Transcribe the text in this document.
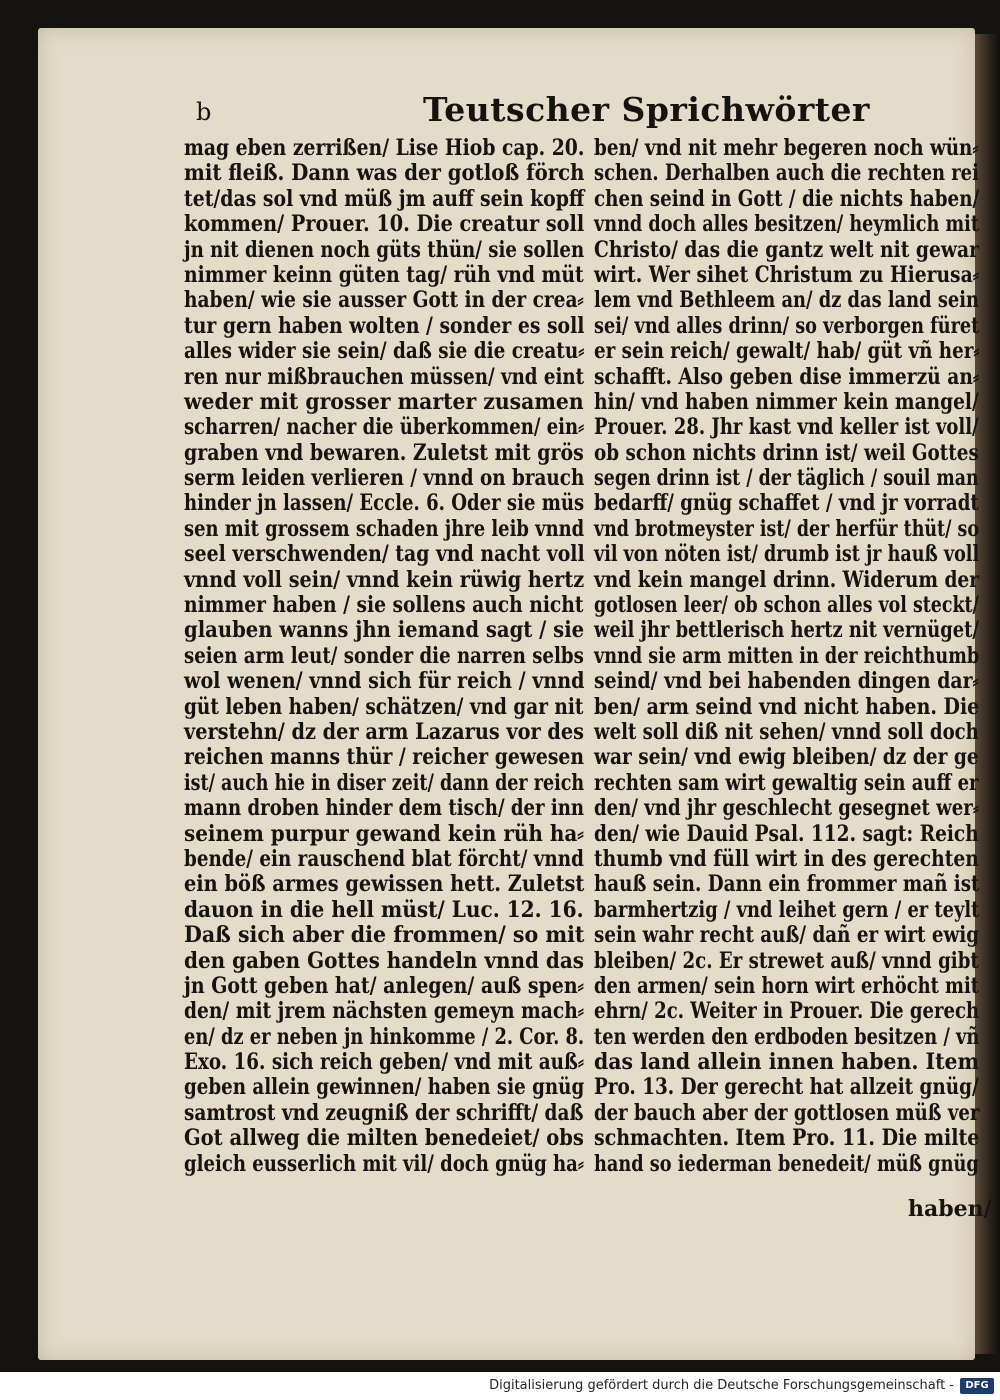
b	Teutscher Sprichwörter
mag eben zerrißen/ Lise Hiob cap. 20.
mit fleiß. Dann was der gotloß förch
tet/das sol vnd müß jm auff sein kopff
kommen/ Prouer. 10. Die creatur soll
jn nit dienen noch güts thün/ sie sollen
nimmer keinn güten tag/ rüh vnd müt
haben/ wie sie ausser Gott in der crea⸗
tur gern haben wolten / sonder es soll
alles wider sie sein/ daß sie die creatu⸗
ren nur mißbrauchen müssen/ vnd eint
weder mit grosser marter zusamen
scharren/ nacher die überkommen/ ein⸗
graben vnd bewaren. Zuletst mit grös
serm leiden verlieren / vnnd on brauch
hinder jn lassen/ Eccle. 6. Oder sie müs
sen mit grossem schaden jhre leib vnnd
seel verschwenden/ tag vnd nacht voll
vnnd voll sein/ vnnd kein rüwig hertz
nimmer haben / sie sollens auch nicht
glauben wanns jhn iemand sagt / sie
seien arm leut/ sonder die narren selbs
wol wenen/ vnnd sich für reich / vnnd
güt leben haben/ schätzen/ vnd gar nit
verstehn/ dz der arm Lazarus vor des
reichen manns thür / reicher gewesen
ist/ auch hie in diser zeit/ dann der reich
mann droben hinder dem tisch/ der inn
seinem purpur gewand kein rüh ha⸗
bende/ ein rauschend blat förcht/ vnnd
ein böß armes gewissen hett. Zuletst
dauon in die hell müst/ Luc. 12. 16.
Daß sich aber die frommen/ so mit
den gaben Gottes handeln vnnd das
jn Gott geben hat/ anlegen/ auß spen⸗
den/ mit jrem nächsten gemeyn mach⸗
en/ dz er neben jn hinkomme / 2. Cor. 8.
Exo. 16. sich reich geben/ vnd mit auß⸗
geben allein gewinnen/ haben sie gnüg
samtrost vnd zeugniß der schrifft/ daß
Got allweg die milten benedeiet/ obs
gleich eusserlich mit vil/ doch gnüg ha⸗
ben/ vnd nit mehr begeren noch wün⸗
schen. Derhalben auch die rechten rei
chen seind in Gott / die nichts haben/
vnnd doch alles besitzen/ heymlich mit
Christo/ das die gantz welt nit gewar
wirt. Wer sihet Christum zu Hierusa⸗
lem vnd Bethleem an/ dz das land sein
sei/ vnd alles drinn/ so verborgen füret
er sein reich/ gewalt/ hab/ güt vñ her⸗
schafft. Also geben dise immerzü an⸗
hin/ vnd haben nimmer kein mangel/
Prouer. 28. Jhr kast vnd keller ist voll/
ob schon nichts drinn ist/ weil Gottes
segen drinn ist / der täglich / souil man
bedarff/ gnüg schaffet / vnd jr vorradt
vnd brotmeyster ist/ der herfür thüt/ so
vil von nöten ist/ drumb ist jr hauß voll
vnd kein mangel drinn. Widerum der
gotlosen leer/ ob schon alles vol steckt/
weil jhr bettlerisch hertz nit vernüget/
vnnd sie arm mitten in der reichthumb
seind/ vnd bei habenden dingen dar⸗
ben/ arm seind vnd nicht haben. Die
welt soll diß nit sehen/ vnnd soll doch
war sein/ vnd ewig bleiben/ dz der ge
rechten sam wirt gewaltig sein auff er
den/ vnd jhr geschlecht gesegnet wer⸗
den/ wie Dauid Psal. 112. sagt: Reich
thumb vnd füll wirt in des gerechten
hauß sein. Dann ein frommer mañ ist
barmhertzig / vnd leihet gern / er teylt
sein wahr recht auß/ dañ er wirt ewig
bleiben/ 2c. Er strewet auß/ vnnd gibt
den armen/ sein horn wirt erhöcht mit
ehrn/ 2c. Weiter in Prouer. Die gerech
ten werden den erdboden besitzen / vñ
das land allein innen haben. Item
Pro. 13. Der gerecht hat allzeit gnüg/
der bauch aber der gottlosen müß ver
schmachten. Item Pro. 11. Die milte
hand so iederman benedeit/ müß gnüg
haben/
Digitalisierung gefördert durch die Deutsche Forschungsgemeinschaft -	DFG
